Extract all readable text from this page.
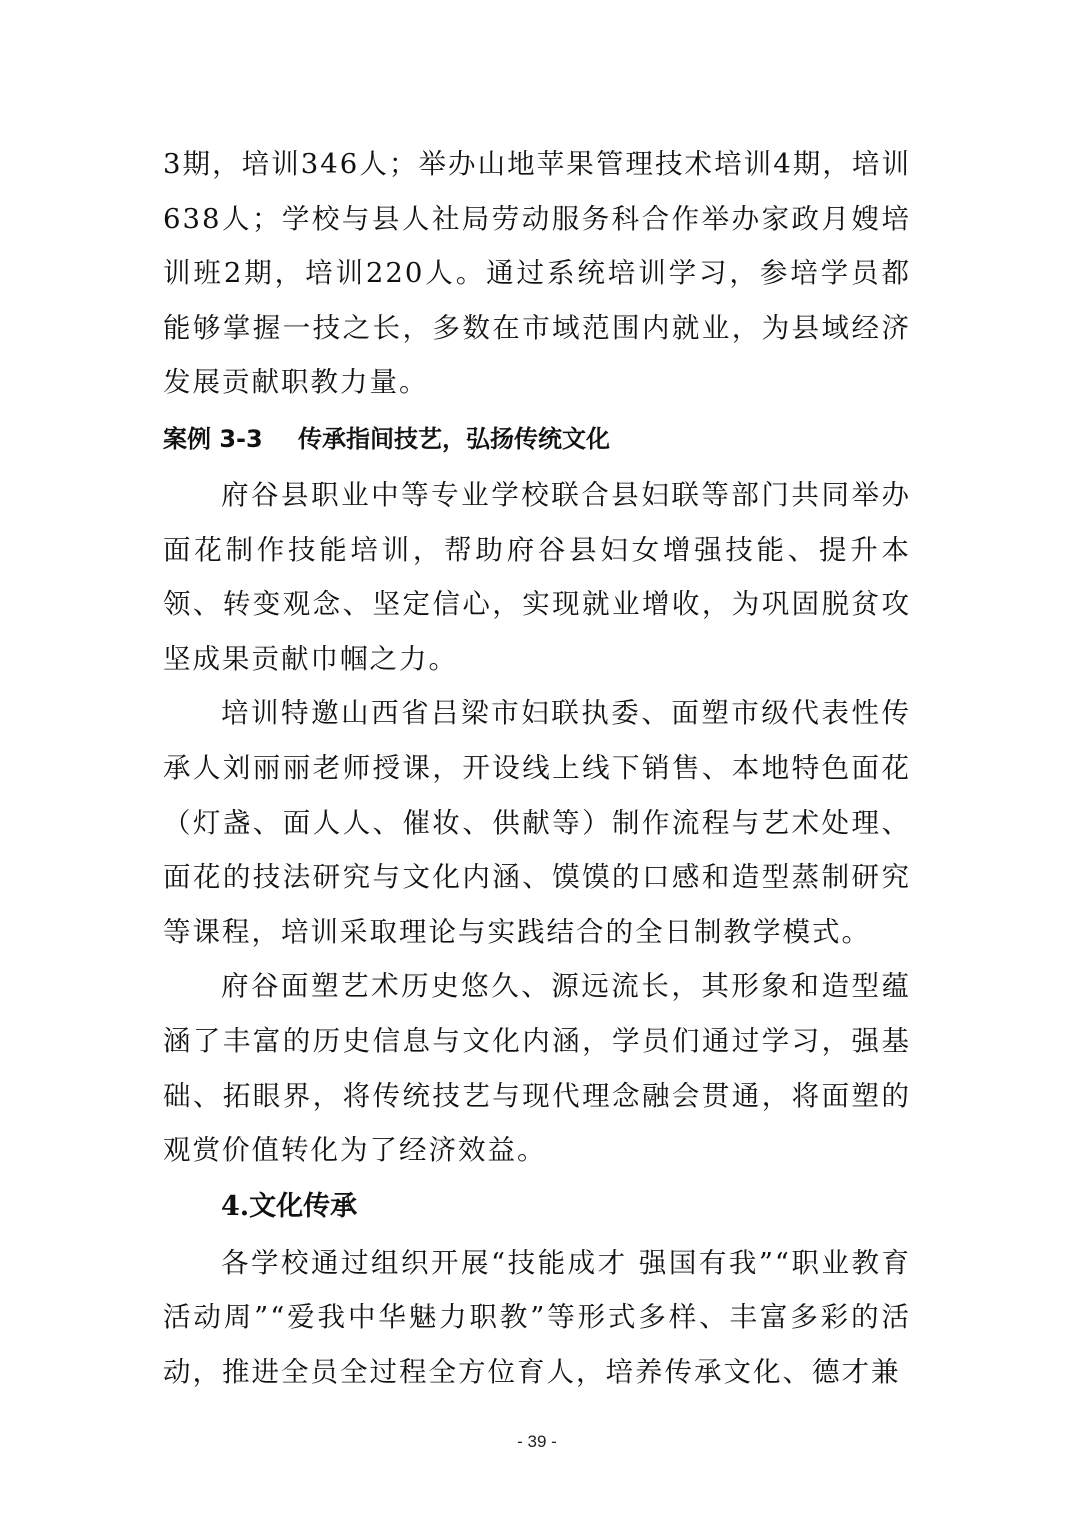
3期，培训346人；举办山地苹果管理技术培训4期，培训638人；学校与县人社局劳动服务科合作举办家政月嫂培训班2期，培训220人。通过系统培训学习，参培学员都能够掌握一技之长，多数在市域范围内就业，为县域经济发展贡献职教力量。

案例 3-3 传承指间技艺，弘扬传统文化

府谷县职业中等专业学校联合县妇联等部门共同举办面花制作技能培训，帮助府谷县妇女增强技能、提升本领、转变观念、坚定信心，实现就业增收，为巩固脱贫攻坚成果贡献巾帼之力。

培训特邀山西省吕梁市妇联执委、面塑市级代表性传承人刘丽丽老师授课，开设线上线下销售、本地特色面花（灯盏、面人人、催妆、供献等）制作流程与艺术处理、面花的技法研究与文化内涵、馍馍的口感和造型蒸制研究等课程，培训采取理论与实践结合的全日制教学模式。

府谷面塑艺术历史悠久、源远流长，其形象和造型蕴涵了丰富的历史信息与文化内涵，学员们通过学习，强基础、拓眼界，将传统技艺与现代理念融会贯通，将面塑的观赏价值转化为了经济效益。

4.文化传承

各学校通过组织开展“技能成才 强国有我”“职业教育活动周”“爱我中华魅力职教”等形式多样、丰富多彩的活动，推进全员全过程全方位育人，培养传承文化、德才兼

- 39 -
